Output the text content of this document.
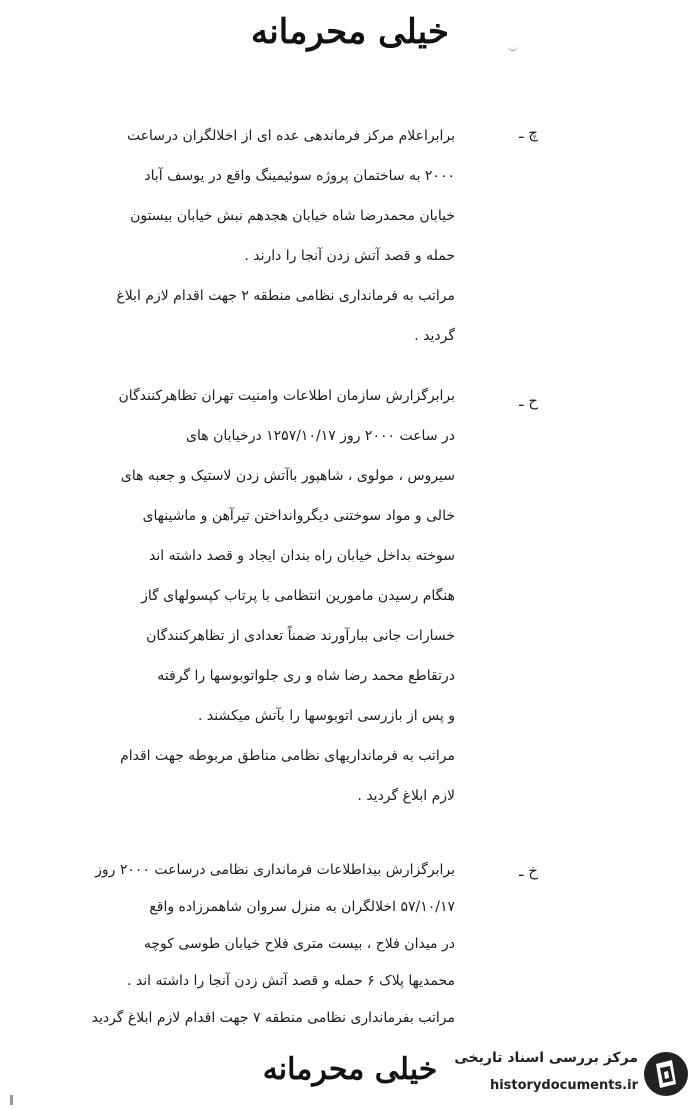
خیلی محرمانه
چ ـ
برابراعلام مرکز فرماندهی عده ای از اخلالگران درساعت
۲۰۰۰ به ساختمان پروژه سوئیمینگ واقع در یوسف آباد
خیابان محمدرضا شاه خیابان هجدهم نبش خیابان بیستون
حمله و قصد آتش زدن آنجا را دارند .
مراتب به فرمانداری نظامی منطقه ۲ جهت اقدام لازم ابلاغ
گردید .
ح ـ
برابرگزارش سازمان اطلاعات وامنیت تهران تظاهرکنندگان
در ساعت ۲۰۰۰ روز ۱۲۵۷/۱۰/۱۷ درخیابان های
سیروس ، مولوی ، شاهپور باآتش زدن لاستیک و جعبه های
خالی و مواد سوختنی دیگروانداختن تیرآهن و ماشینهای
سوخته بداخل خیابان راه بندان ایجاد و قصد داشته اند
هنگام رسیدن مامورین انتظامی با پرتاب کپسولهای گاز
خسارات جانی ببارآورند ضمناً تعدادی از تظاهرکنندگان
درتقاطع محمد رضا شاه و ری جلواتوبوسها را گرفته
و پس از بازرسی اتوبوسها را بآتش میکشند .
مراتب به فرمانداریهای نظامی مناطق مربوطه جهت اقدام
لازم ابلاغ گردید .
خ ـ
برابرگزارش بیداطلاعات فرمانداری نظامی درساعت ۲۰۰۰ روز
۵۷/۱۰/۱۷ اخلالگران به منزل سروان شاهمرزاده واقع
در میدان فلاح ، بیست متری فلاح خیابان طوسی کوچه
محمدیها پلاک ۶ حمله و قصد آتش زدن آنجا را داشته اند .
مراتب بفرمانداری نظامی منطقه ۷ جهت اقدام لازم ابلاغ گردید
خیلی محرمانه	مرکز بررسی اسناد تاریخی
historydocuments.ir
